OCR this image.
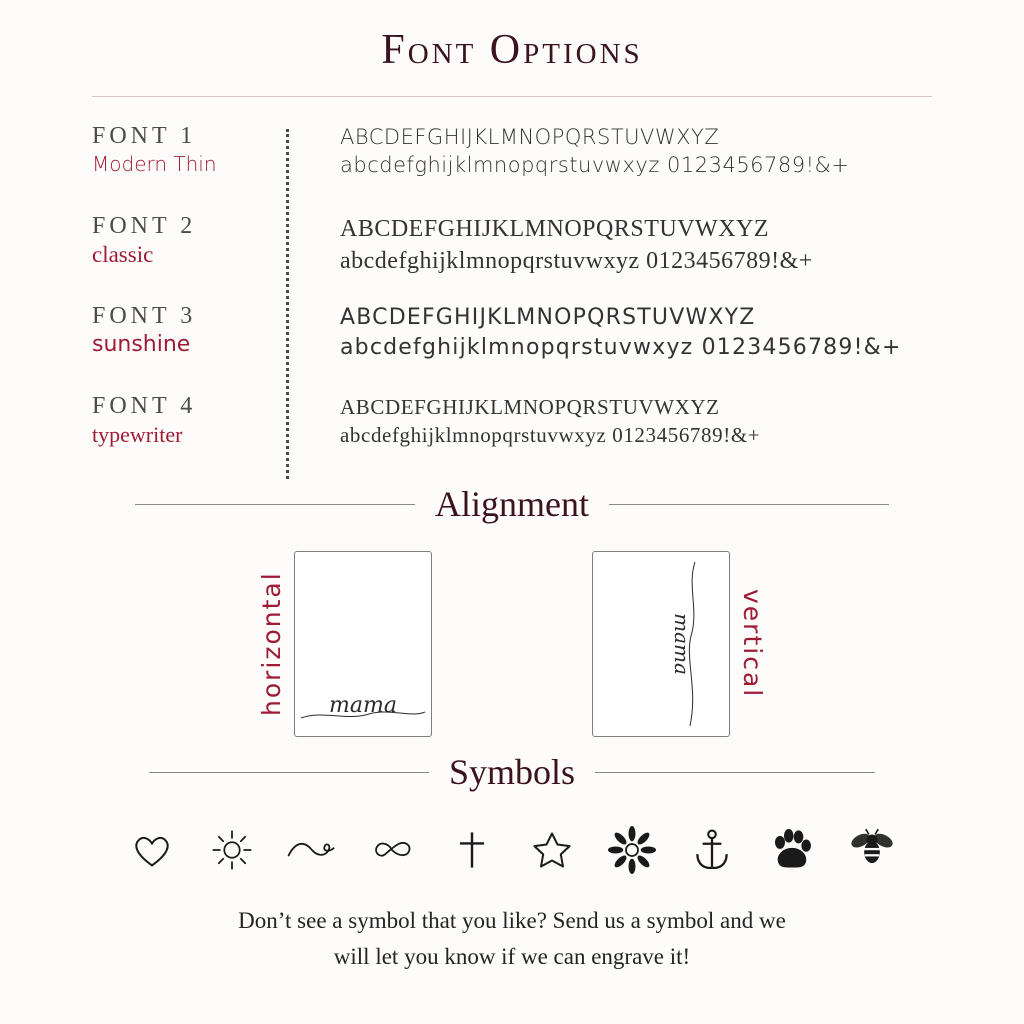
Font Options
FONT 1
Modern Thin
ABCDEFGHIJKLMNOPQRSTUVWXYZ
abcdefghijklmnopqrstuvwxyz 0123456789!&+
FONT 2
classic
ABCDEFGHIJKLMNOPQRSTUVWXYZ
abcdefghijklmnopqrstuvwxyz 0123456789!&+
FONT 3
sunshine
ABCDEFGHIJKLMNOPQRSTUVWXYZ
abcdefghijklmnopqrstuvwxyz 0123456789!&+
FONT 4
typewriter
ABCDEFGHIJKLMNOPQRSTUVWXYZ
abcdefghijklmnopqrstuvwxyz 0123456789!&+
Alignment
horizontal	mama
mama	vertical
Symbols
Don’t see a symbol that you like? Send us a symbol and we
will let you know if we can engrave it!
